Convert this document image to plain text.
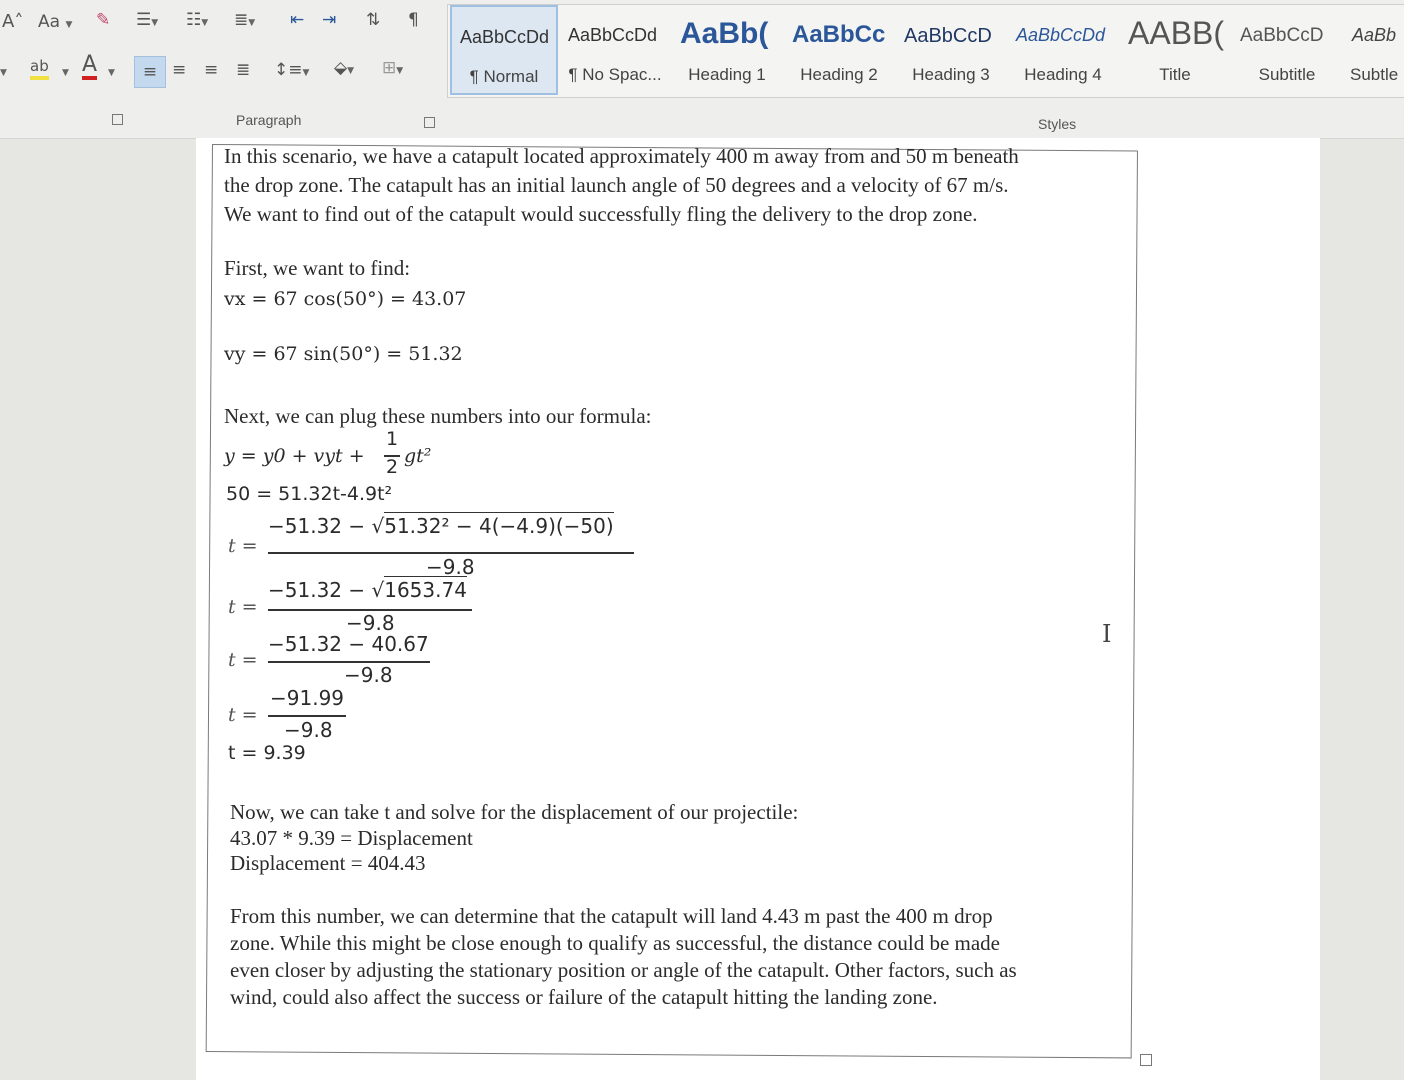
A˄ Aa ▼ ✎ ☰▼ ☷▼ ≣▼ ⇤ ⇥ ⇅ ¶
▼ ab ▼ A ▼	≡ ≡ ≡ ≣ ↕≡▼ ⬙▼ ⊞▼
Paragraph	Styles
AaBbCcDd
¶ Normal
AaBbCcDd
¶ No Spac...
AaBb(
Heading 1
AaBbCc
Heading 2
AaBbCcD
Heading 3
AaBbCcDd
Heading 4
AABB(
Title
AaBbCcD
Subtitle
AaBb
Subtle
In this scenario, we have a catapult located approximately 400 m away from and 50 m beneath
the drop zone. The catapult has an initial launch angle of 50 degrees and a velocity of 67 m/s.
We want to find out of the catapult would successfully fling the delivery to the drop zone.
First, we want to find:
vx = 67 cos(50°) = 43.07
vy = 67 sin(50°) = 51.32
Next, we can plug these numbers into our formula:
y = y0 + vyt +
1
2 gt²
50 = 51.32t-4.9t²
t =
−51.32 − √51.32² − 4(−4.9)(−50)
−9.8
t =
−51.32 − √1653.74
−9.8
t =
−51.32 − 40.67
−9.8
t =
−91.99
−9.8
t = 9.39
Now, we can take t and solve for the displacement of our projectile:
43.07 * 9.39 = Displacement
Displacement = 404.43
From this number, we can determine that the catapult will land 4.43 m past the 400 m drop
zone. While this might be close enough to qualify as successful, the distance could be made
even closer by adjusting the stationary position or angle of the catapult. Other factors, such as
wind, could also affect the success or failure of the catapult hitting the landing zone.
I
